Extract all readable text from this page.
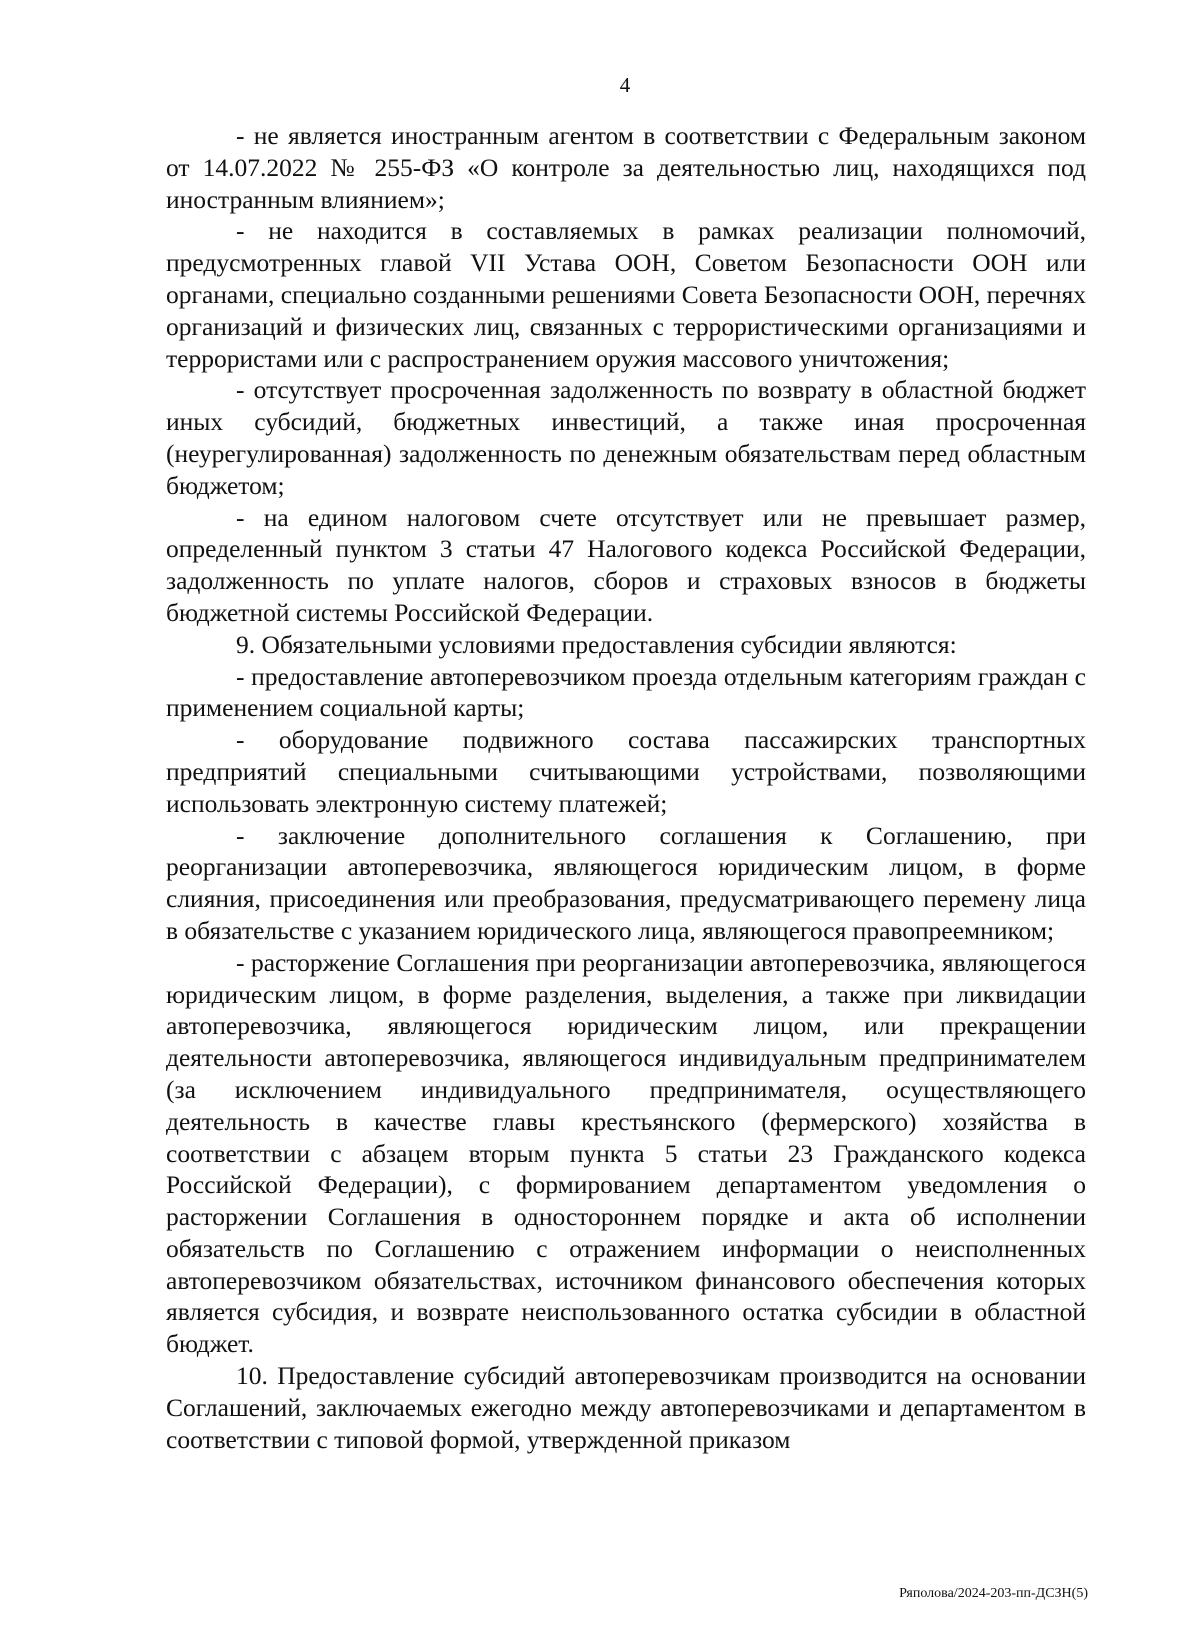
4

- не является иностранным агентом в соответствии с Федеральным законом от 14.07.2022 № 255-ФЗ «О контроле за деятельностью лиц, находящихся под иностранным влиянием»;

- не находится в составляемых в рамках реализации полномочий, предусмотренных главой VII Устава ООН, Советом Безопасности ООН или органами, специально созданными решениями Совета Безопасности ООН, перечнях организаций и физических лиц, связанных с террористическими организациями и террористами или с распространением оружия массового уничтожения;

- отсутствует просроченная задолженность по возврату в областной бюджет иных субсидий, бюджетных инвестиций, а также иная просроченная (неурегулированная) задолженность по денежным обязательствам перед областным бюджетом;

- на едином налоговом счете отсутствует или не превышает размер, определенный пунктом 3 статьи 47 Налогового кодекса Российской Федерации, задолженность по уплате налогов, сборов и страховых взносов в бюджеты бюджетной системы Российской Федерации.

9. Обязательными условиями предоставления субсидии являются:

- предоставление автоперевозчиком проезда отдельным категориям граждан с применением социальной карты;

- оборудование подвижного состава пассажирских транспортных предприятий специальными считывающими устройствами, позволяющими использовать электронную систему платежей;

- заключение дополнительного соглашения к Соглашению, при реорганизации автоперевозчика, являющегося юридическим лицом, в форме слияния, присоединения или преобразования, предусматривающего перемену лица в обязательстве с указанием юридического лица, являющегося правопреемником;

- расторжение Соглашения при реорганизации автоперевозчика, являющегося юридическим лицом, в форме разделения, выделения, а также при ликвидации автоперевозчика, являющегося юридическим лицом, или прекращении деятельности автоперевозчика, являющегося индивидуальным предпринимателем (за исключением индивидуального предпринимателя, осуществляющего деятельность в качестве главы крестьянского (фермерского) хозяйства в соответствии с абзацем вторым пункта 5 статьи 23 Гражданского кодекса Российской Федерации), с формированием департаментом уведомления о расторжении Соглашения в одностороннем порядке и акта об исполнении обязательств по Соглашению с отражением информации о неисполненных автоперевозчиком обязательствах, источником финансового обеспечения которых является субсидия, и возврате неиспользованного остатка субсидии в областной бюджет.

10. Предоставление субсидий автоперевозчикам производится на основании Соглашений, заключаемых ежегодно между автоперевозчиками и департаментом в соответствии с типовой формой, утвержденной приказом

Ряполова/2024-203-пп-ДСЗН(5)
